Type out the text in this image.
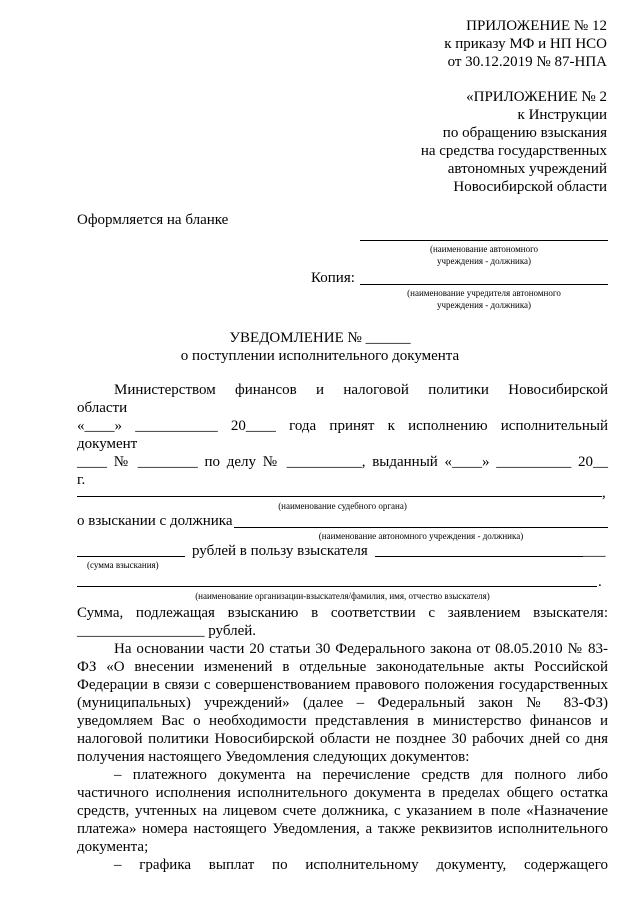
ПРИЛОЖЕНИЕ № 12
к приказу МФ и НП НСО
от 30.12.2019 № 87-НПА
«ПРИЛОЖЕНИЕ № 2
к Инструкции
по обращению взыскания
на средства государственных
автономных учреждений
Новосибирской области
Оформляется на бланке
(наименование автономного
учреждения - должника)
Копия:
(наименование учредителя автономного
учреждения - должника)
УВЕДОМЛЕНИЕ № ______
о поступлении исполнительного документа
Министерством финансов и налоговой политики Новосибирской
области
«____» ___________ 20____ года принят к исполнению исполнительный
документ
____ № ________ по делу № __________, выданный «____» __________ 20__
г.
,
(наименование судебного органа)
о взыскании с должника
(наименование автономного учреждения - должника)
рублей в пользу взыскателя	___
(сумма взыскания)
.
(наименование организации-взыскателя/фамилия, имя, отчество взыскателя)
Сумма, подлежащая взысканию в соответствии с заявлением взыскателя:
_________________ рублей.
На основании части 20 статьи 30 Федерального закона от 08.05.2010 № 83-ФЗ «О внесении изменений в отдельные законодательные акты Российской Федерации в связи с совершенствованием правового положения государственных (муниципальных) учреждений» (далее – Федеральный закон № 83-ФЗ) уведомляем Вас о необходимости представления в министерство финансов и налоговой политики Новосибирской области не позднее 30 рабочих дней со дня получения настоящего Уведомления следующих документов:
– платежного документа на перечисление средств для полного либо частичного исполнения исполнительного документа в пределах общего остатка средств, учтенных на лицевом счете должника, с указанием в поле «Назначение платежа» номера настоящего Уведомления, а также реквизитов исполнительного документа;
– графика выплат по исполнительному документу, содержащего
